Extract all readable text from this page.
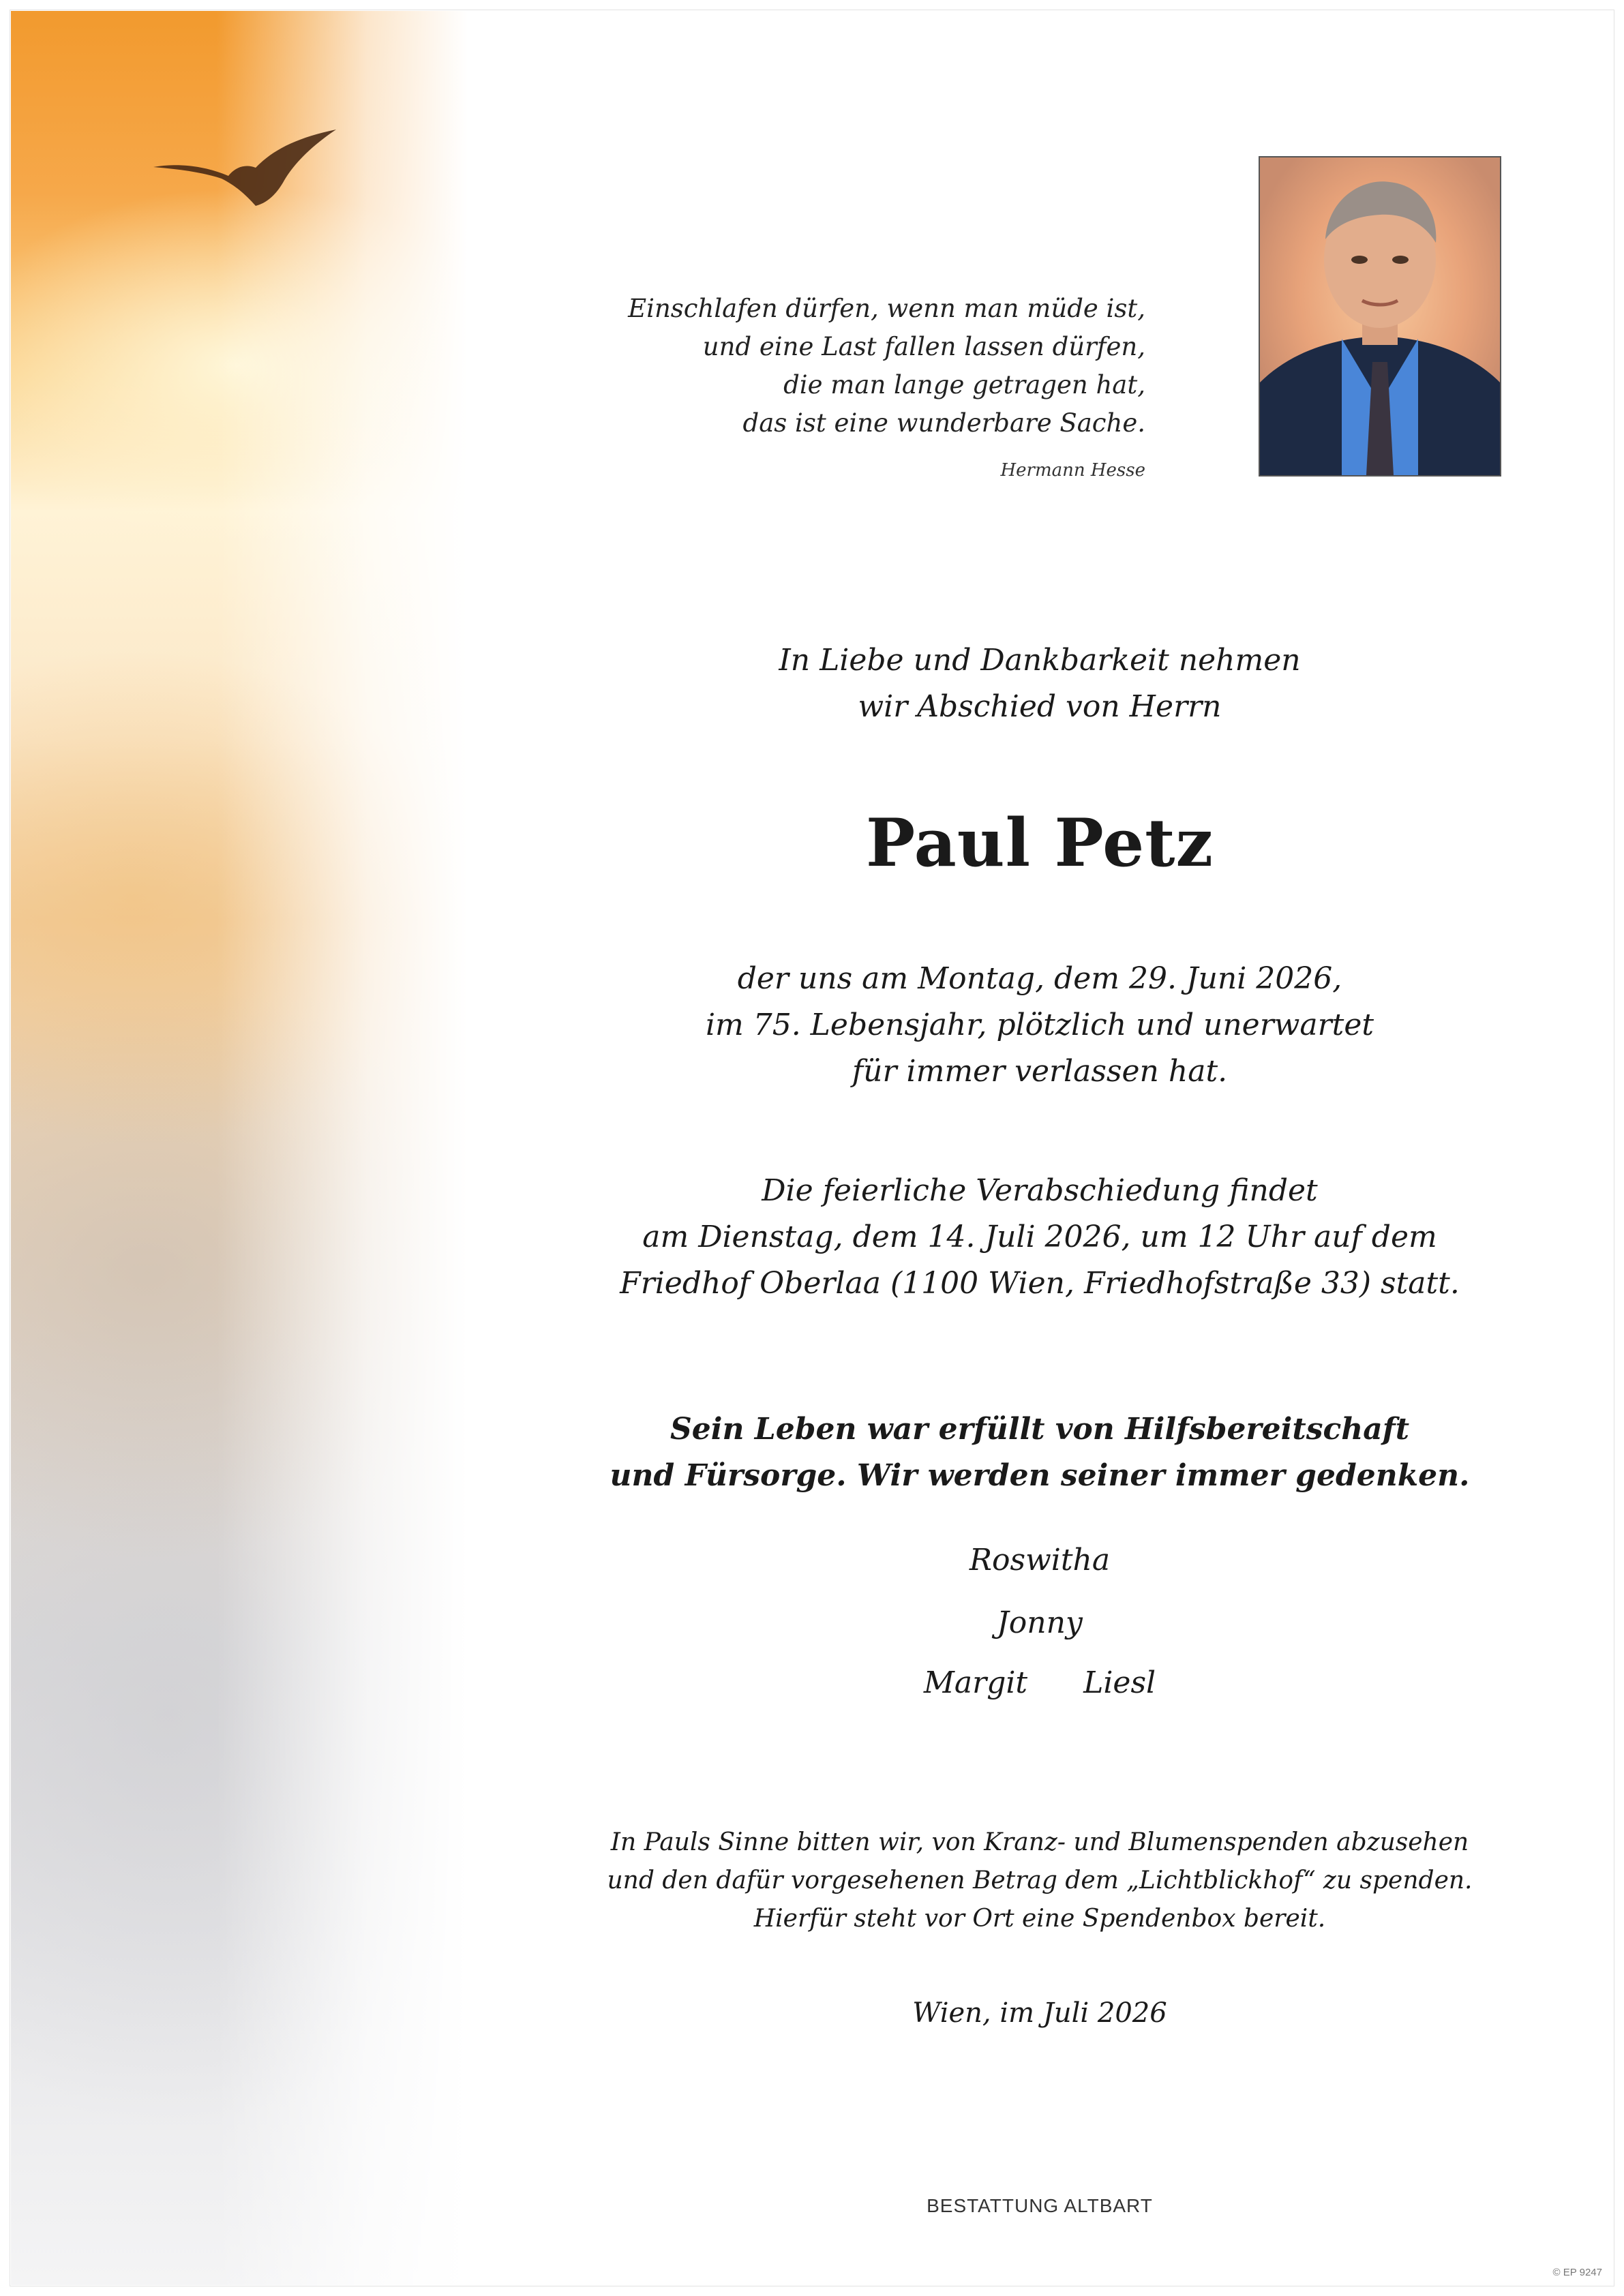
Einschlafen dürfen, wenn man müde ist,
und eine Last fallen lassen dürfen,
die man lange getragen hat,
das ist eine wunderbare Sache.
Hermann Hesse
In Liebe und Dankbarkeit nehmen
wir Abschied von Herrn
Paul Petz
der uns am Montag, dem 29. Juni 2026,
im 75. Lebensjahr, plötzlich und unerwartet
für immer verlassen hat.
Die feierliche Verabschiedung findet
am Dienstag, dem 14. Juli 2026, um 12 Uhr auf dem
Friedhof Oberlaa (1100 Wien, Friedhofstraße 33) statt.
Sein Leben war erfüllt von Hilfsbereitschaft
und Fürsorge. Wir werden seiner immer gedenken.
Roswitha
Jonny
Margit Liesl
In Pauls Sinne bitten wir, von Kranz- und Blumenspenden abzusehen
und den dafür vorgesehenen Betrag dem „Lichtblickhof“ zu spenden.
Hierfür steht vor Ort eine Spendenbox bereit.
Wien, im Juli 2026
BESTATTUNG ALTBART
© EP 9247
